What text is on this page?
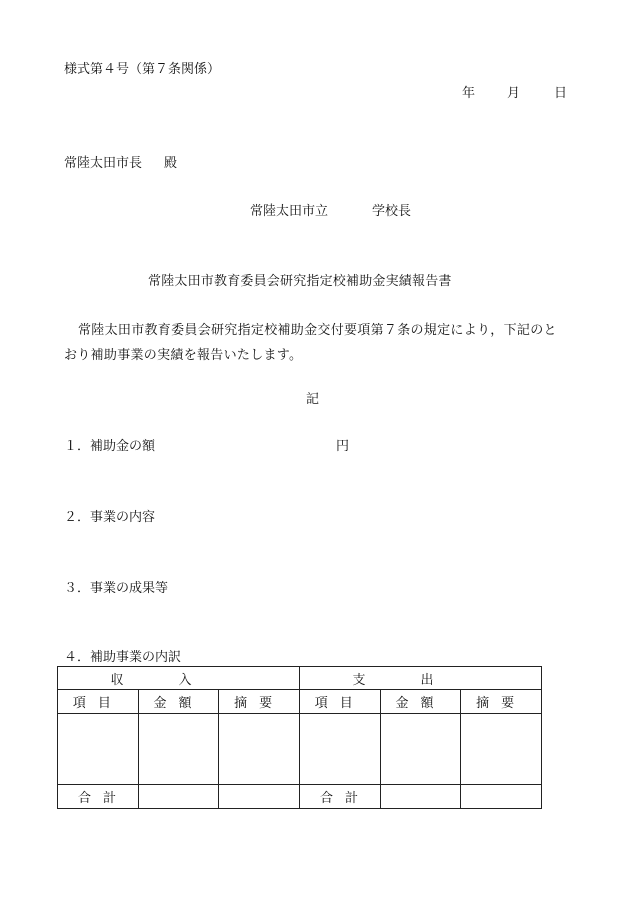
様式第４号（第７条関係）
年	月	日
常陸太田市長 殿
常陸太田市立	学校長
常陸太田市教育委員会研究指定校補助金実績報告書
常陸太田市教育委員会研究指定校補助金交付要項第７条の規定により，下記のとおり補助事業の実績を報告いたします。
記
１．補助金の額	円
２．事業の内容
３．事業の成果等
４．補助事業の内訳
収入			支出		
項目	金額	摘要	項目	金額	摘要

合計			合計		
